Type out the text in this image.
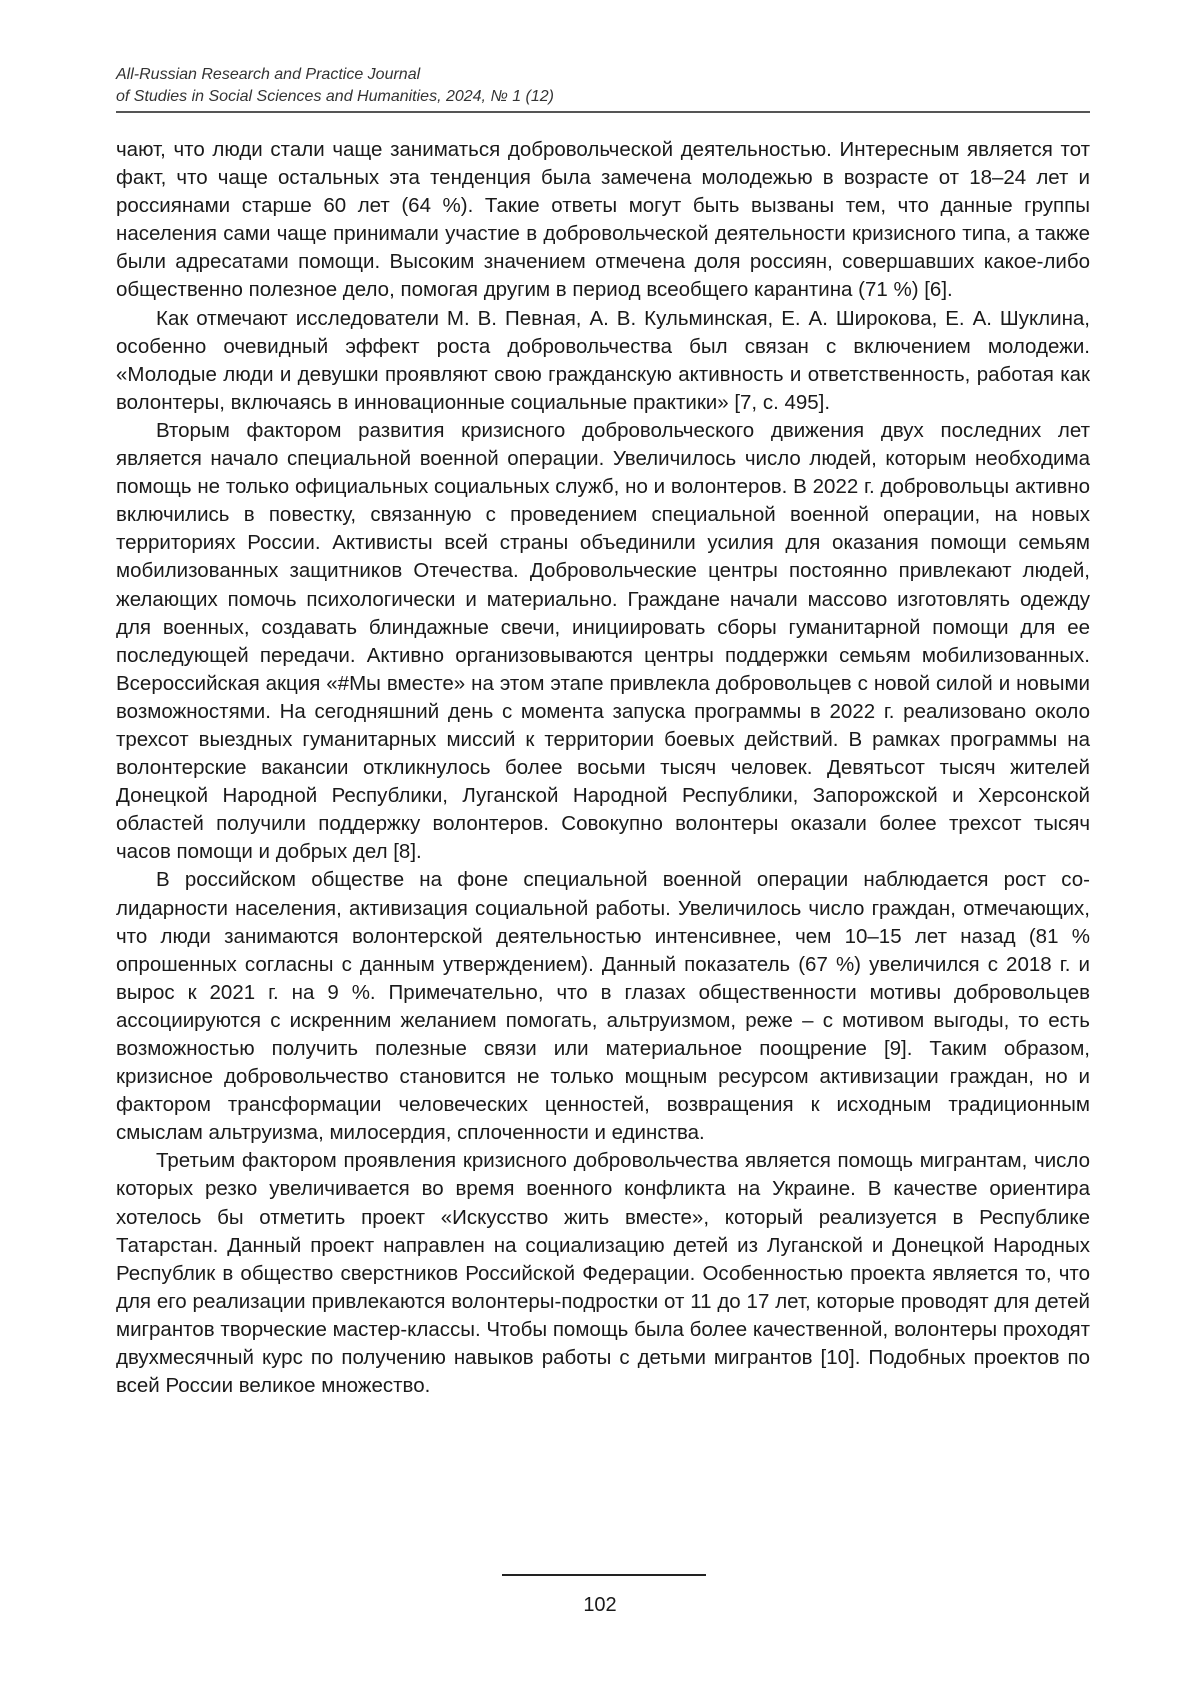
All-Russian Research and Practice Journal
of Studies in Social Sciences and Humanities, 2024, № 1 (12)

чают, что люди стали чаще заниматься добровольческой деятельностью. Интересным является тот факт, что чаще остальных эта тенденция была замечена молодежью в возрасте от 18–24 лет и россиянами старше 60 лет (64 %). Такие ответы могут быть вызваны тем, что данные группы населения сами чаще принимали участие в добровольческой деятельности кризисного типа, а также были адресатами помощи. Высоким значением отмечена доля россиян, совершавших какое-либо общественно полезное дело, помогая другим в период всеобщего карантина (71 %) [6].

Как отмечают исследователи М. В. Певная, А. В. Кульминская, Е. А. Широкова, Е. А. Шуклина, особенно очевидный эффект роста добровольчества был связан с включением молодежи. «Молодые люди и девушки проявляют свою гражданскую активность и ответственность, работая как волонтеры, включаясь в инновационные социальные практики» [7, с. 495].

Вторым фактором развития кризисного добровольческого движения двух последних лет является начало специальной военной операции. Увеличилось число людей, которым необходима помощь не только официальных социальных служб, но и волонтеров. В 2022 г. добровольцы активно включились в повестку, связанную с проведением специальной военной операции, на новых территориях России. Активисты всей страны объединили усилия для оказания помощи семьям мобилизованных защитников Отечества. Добровольческие центры постоянно привлекают людей, желающих помочь психологически и материально. Граждане начали массово изготовлять одежду для военных, создавать блиндажные свечи, инициировать сборы гуманитарной помощи для ее последующей передачи. Активно организовываются центры поддержки семьям мобилизованных. Всероссийская акция «#Мы вместе» на этом этапе привлекла добровольцев с новой силой и новыми возможностями. На сегодняшний день с момента запуска программы в 2022 г. реализовано около трехсот выездных гуманитарных миссий к территории боевых действий. В рамках программы на волонтерские вакансии откликнулось более восьми тысяч человек. Девятьсот тысяч жителей Донецкой Народной Республики, Луганской Народной Республики, Запорожской и Херсонской областей получили поддержку волонтеров. Совокупно волонтеры оказали более трехсот тысяч часов помощи и добрых дел [8].

В российском обществе на фоне специальной военной операции наблюдается рост солидарности населения, активизация социальной работы. Увеличилось число граждан, отмечающих, что люди занимаются волонтерской деятельностью интенсивнее, чем 10–15 лет назад (81 % опрошенных согласны с данным утверждением). Данный показатель (67 %) увеличился с 2018 г. и вырос к 2021 г. на 9 %. Примечательно, что в глазах общественности мотивы добровольцев ассоциируются с искренним желанием помогать, альтруизмом, реже – с мотивом выгоды, то есть возможностью получить полезные связи или материальное поощрение [9]. Таким образом, кризисное добровольчество становится не только мощным ресурсом активизации граждан, но и фактором трансформации человеческих ценностей, возвращения к исходным традиционным смыслам альтруизма, милосердия, сплоченности и единства.

Третьим фактором проявления кризисного добровольчества является помощь мигрантам, число которых резко увеличивается во время военного конфликта на Украине. В качестве ориентира хотелось бы отметить проект «Искусство жить вместе», который реализуется в Республике Татарстан. Данный проект направлен на социализацию детей из Луганской и Донецкой Народных Республик в общество сверстников Российской Федерации. Особенностью проекта является то, что для его реализации привлекаются волонтеры-подростки от 11 до 17 лет, которые проводят для детей мигрантов творческие мастер-классы. Чтобы помощь была более качественной, волонтеры проходят двухмесячный курс по получению навыков работы с детьми мигрантов [10]. Подобных проектов по всей России великое множество.

102
